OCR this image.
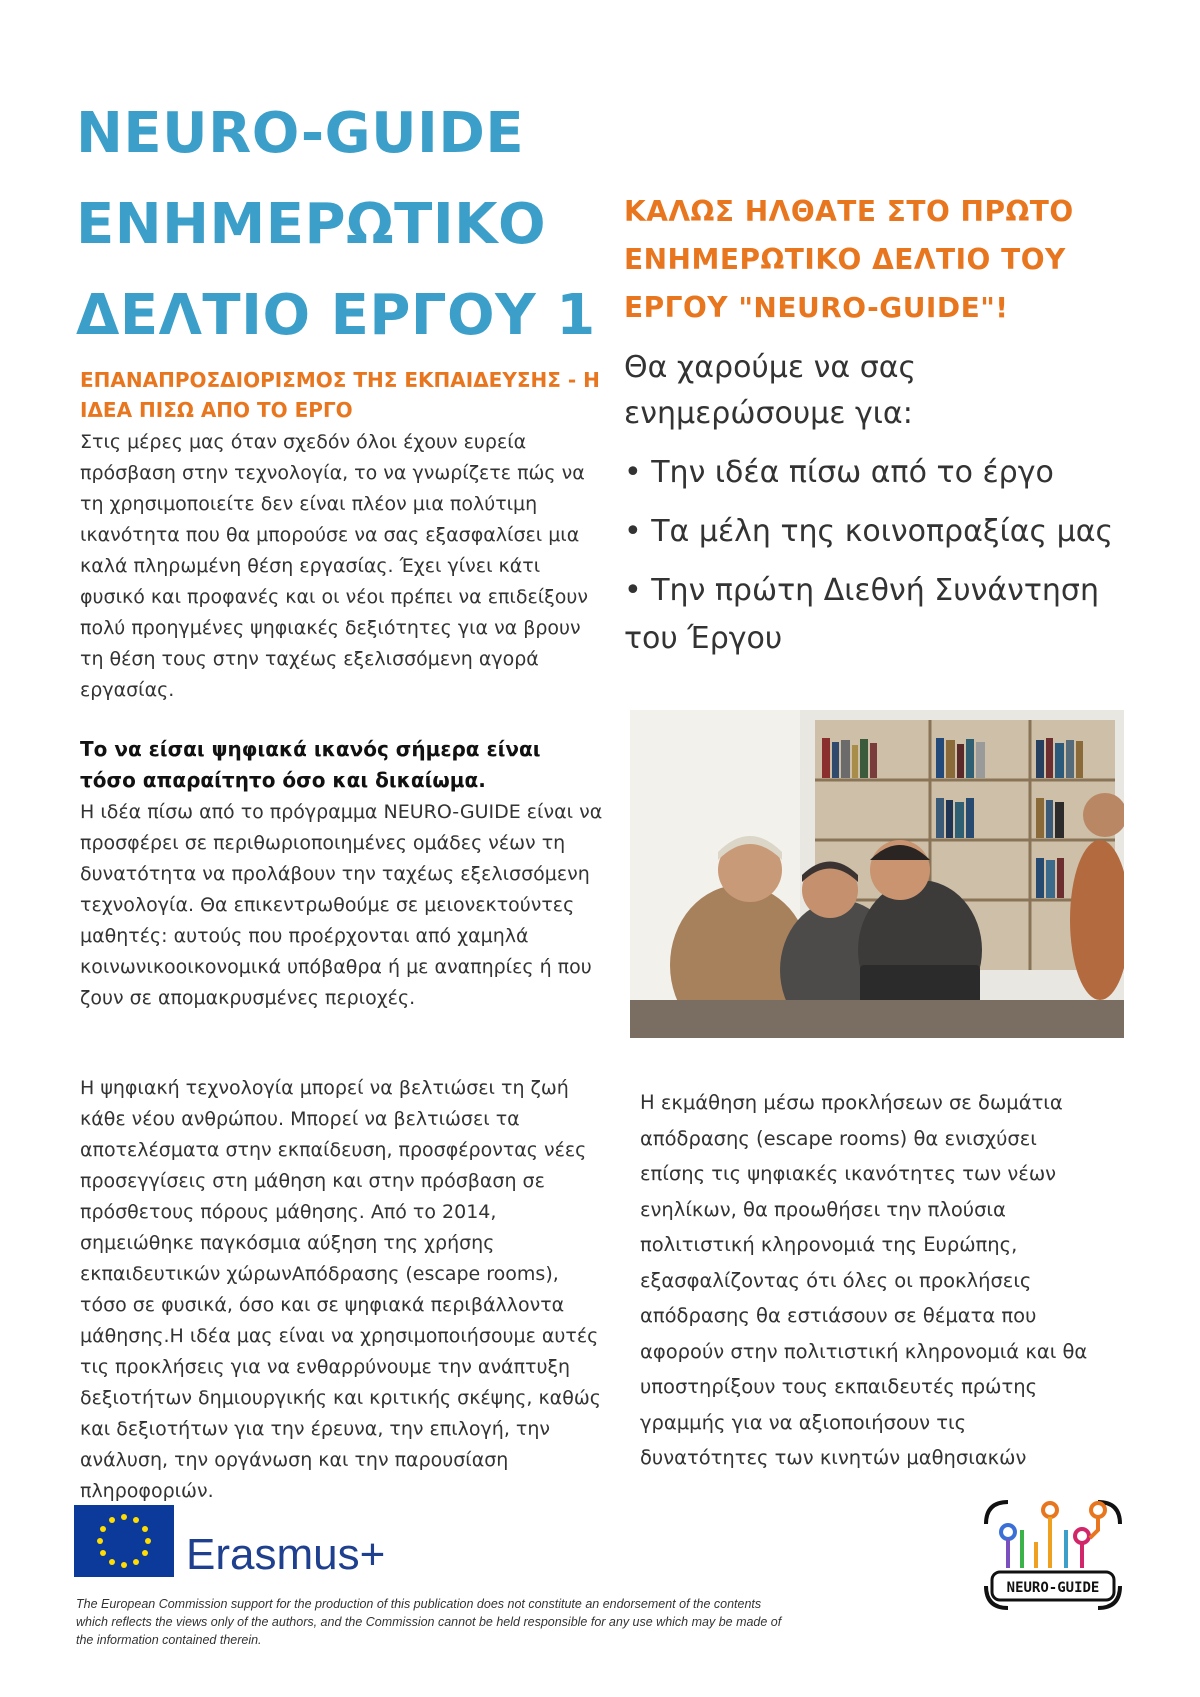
NEURO-GUIDE
ΕΝΗΜΕΡΩΤΙΚΟ
ΔΕΛΤΙΟ ΕΡΓΟΥ 1
ΚΑΛΩΣ ΗΛΘΑΤΕ ΣΤΟ ΠΡΩΤΟ
ΕΝΗΜΕΡΩΤΙΚΟ ΔΕΛΤΙΟ ΤΟΥ
ΕΡΓΟΥ "NEURO-GUIDE"!

Θα χαρούμε να σας ενημερώσουμε για:

• Την ιδέα πίσω από το έργο
• Τα μέλη της κοινοπραξίας μας
• Την πρώτη Διεθνή Συνάντηση του Έργου
ΕΠΑΝΑΠΡΟΣΔΙΟΡΙΣΜΟΣ ΤΗΣ ΕΚΠΑΙΔΕΥΣΗΣ - Η ΙΔΕΑ ΠΙΣΩ ΑΠΟ ΤΟ ΕΡΓΟ

Στις μέρες μας όταν σχεδόν όλοι έχουν ευρεία πρόσβαση στην τεχνολογία, το να γνωρίζετε πώς να τη χρησιμοποιείτε δεν είναι πλέον μια πολύτιμη ικανότητα που θα μπορούσε να σας εξασφαλίσει μια καλά πληρωμένη θέση εργασίας. Έχει γίνει κάτι φυσικό και προφανές και οι νέοι πρέπει να επιδείξουν πολύ προηγμένες ψηφιακές δεξιότητες για να βρουν τη θέση τους στην ταχέως εξελισσόμενη αγορά εργασίας.

Το να είσαι ψηφιακά ικανός σήμερα είναι τόσο απαραίτητο όσο και δικαίωμα.

Η ιδέα πίσω από το πρόγραμμα NEURO-GUIDE είναι να προσφέρει σε περιθωριοποιημένες ομάδες νέων τη δυνατότητα να προλάβουν την ταχέως εξελισσόμενη τεχνολογία. Θα επικεντρωθούμε σε μειονεκτούντες μαθητές: αυτούς που προέρχονται από χαμηλά κοινωνικοοικονομικά υπόβαθρα ή με αναπηρίες ή που ζουν σε απομακρυσμένες περιοχές.

Η ψηφιακή τεχνολογία μπορεί να βελτιώσει τη ζωή κάθε νέου ανθρώπου. Μπορεί να βελτιώσει τα αποτελέσματα στην εκπαίδευση, προσφέροντας νέες προσεγγίσεις στη μάθηση και στην πρόσβαση σε πρόσθετους πόρους μάθησης. Από το 2014, σημειώθηκε παγκόσμια αύξηση της χρήσης εκπαιδευτικών χώρωνΑπόδρασης (escape rooms), τόσο σε φυσικά, όσο και σε ψηφιακά περιβάλλοντα μάθησης.Η ιδέα μας είναι να χρησιμοποιήσουμε αυτές τις προκλήσεις για να ενθαρρύνουμε την ανάπτυξη δεξιοτήτων δημιουργικής και κριτικής σκέψης, καθώς και δεξιοτήτων για την έρευνα, την επιλογή, την ανάλυση, την οργάνωση και την παρουσίαση πληροφοριών.

Η εκμάθηση μέσω προκλήσεων σε δωμάτια απόδρασης (escape rooms) θα ενισχύσει επίσης τις ψηφιακές ικανότητες των νέων ενηλίκων, θα προωθήσει την πλούσια πολιτιστική κληρονομιά της Ευρώπης, εξασφαλίζοντας ότι όλες οι προκλήσεις απόδρασης θα εστιάσουν σε θέματα που αφορούν στην πολιτιστική κληρονομιά και θα υποστηρίξουν τους εκπαιδευτές πρώτης γραμμής για να αξιοποιήσουν τις δυνατότητες των κινητών μαθησιακών

Erasmus+

The European Commission support for the production of this publication does not constitute an endorsement of the contents which reflects the views only of the authors, and the Commission cannot be held responsible for any use which may be made of the information contained therein.

NEURO-GUIDE
